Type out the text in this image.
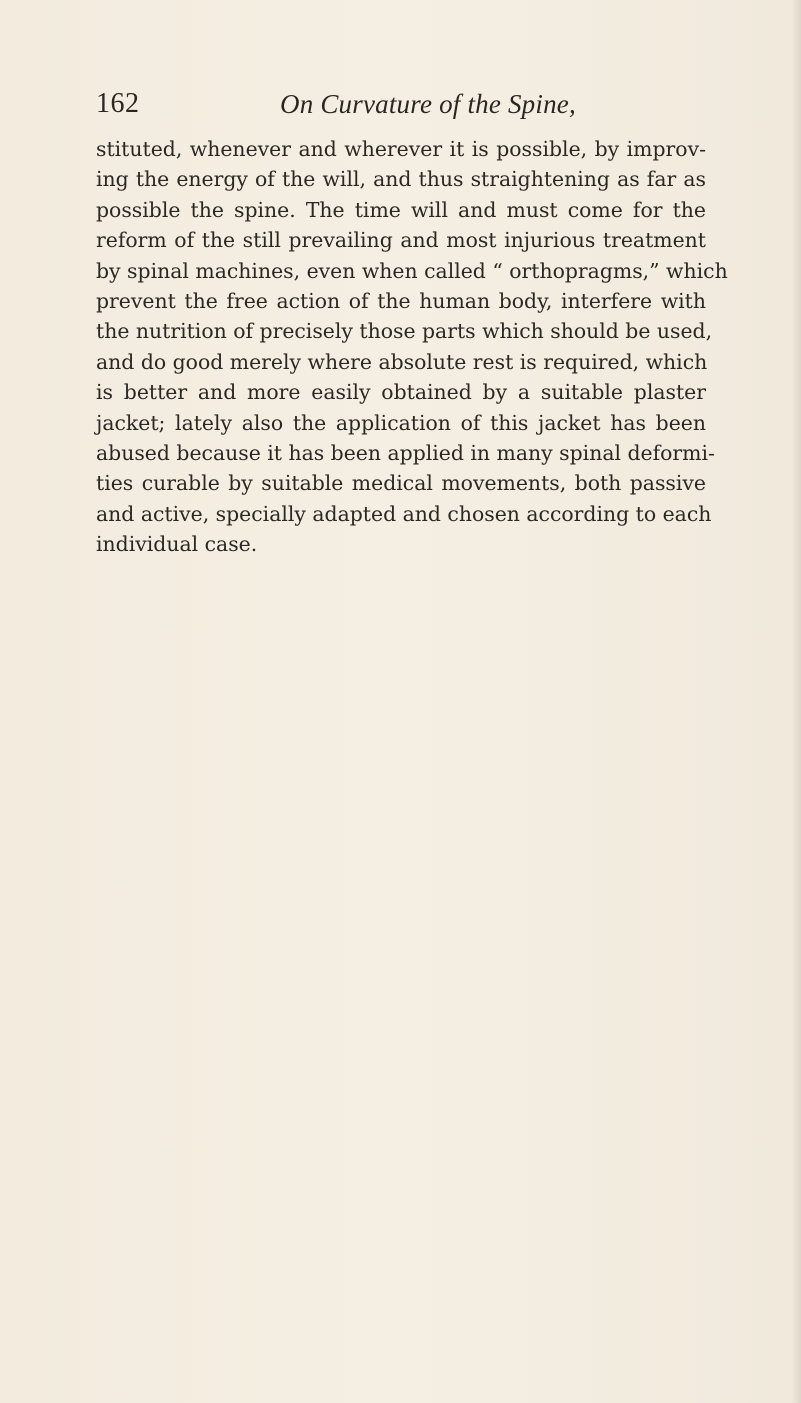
162	On Curvature of the Spine,
stituted, whenever and wherever it is possible, by improv-
ing the energy of the will, and thus straightening as far as
possible the spine. The time will and must come for the
reform of the still prevailing and most injurious treatment
by spinal machines, even when called “ orthopragms,” which
prevent the free action of the human body, interfere with
the nutrition of precisely those parts which should be used,
and do good merely where absolute rest is required, which
is better and more easily obtained by a suitable plaster
jacket; lately also the application of this jacket has been
abused because it has been applied in many spinal deformi-
ties curable by suitable medical movements, both passive
and active, specially adapted and chosen according to each
individual case.
